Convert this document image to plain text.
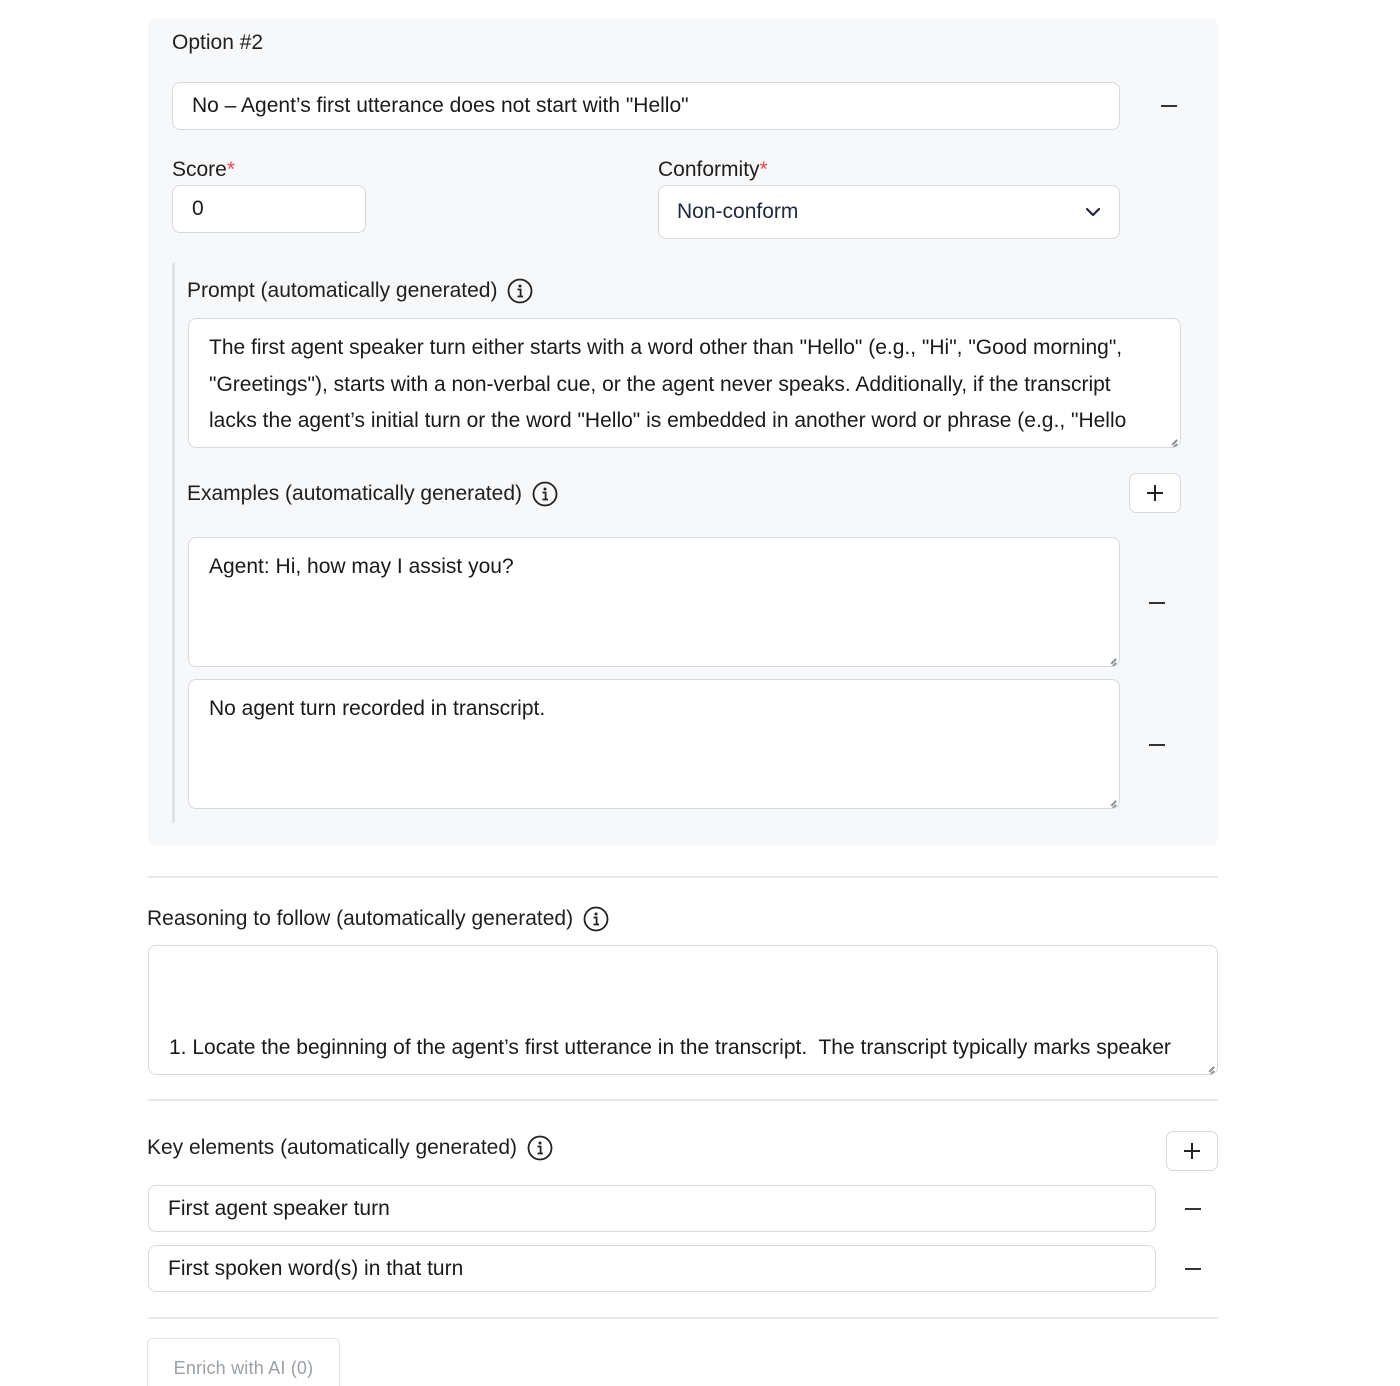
Option #2
No – Agent’s first utterance does not start with "Hello"
Score*
0	Conformity*
Non-conform
Prompt (automatically generated)
The first agent speaker turn either starts with a word other than "Hello" (e.g., "Hi", "Good morning", "Greetings"), starts with a non-verbal cue, or the agent never speaks. Additionally, if the transcript lacks the agent’s initial turn or the word "Hello" is embedded in another word or phrase (e.g., "Hello
Examples (automatically generated)
Agent: Hi, how may I assist you?
No agent turn recorded in transcript.
Reasoning to follow (automatically generated)

1. Locate the beginning of the agent’s first utterance in the transcript.  The transcript typically marks speaker

Key elements (automatically generated)
First agent speaker turn
First spoken word(s) in that turn
Enrich with AI (0)
